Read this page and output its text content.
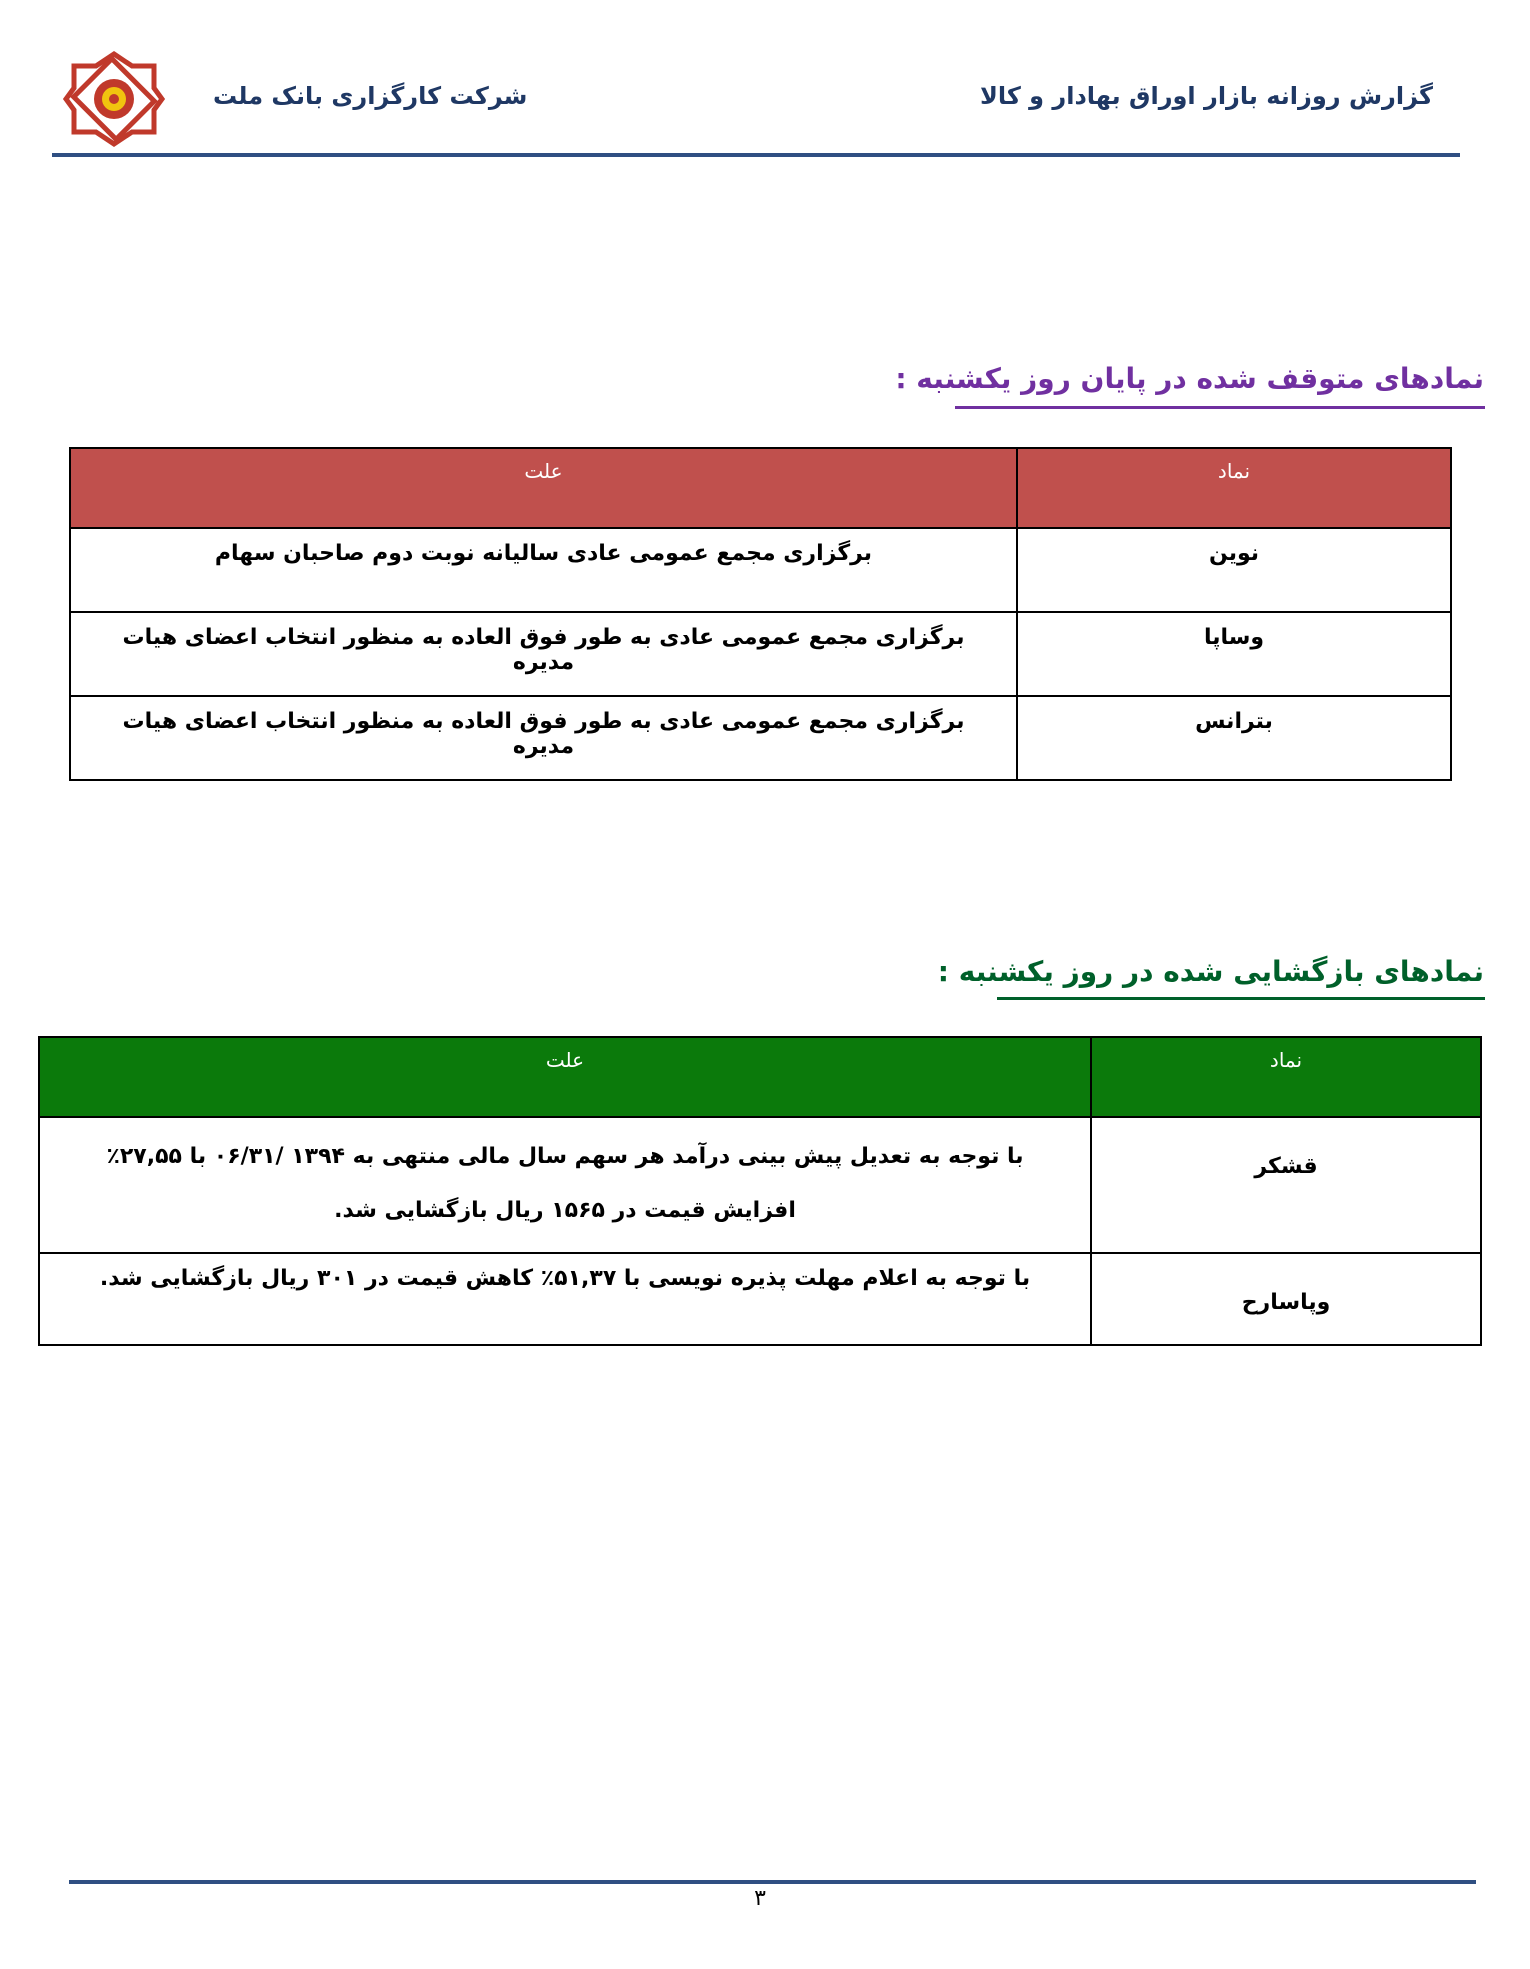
شرکت کارگزاری بانک ملت	گزارش روزانه بازار اوراق بهادار و کالا
نمادهای متوقف شده در پایان روز یکشنبه :
نماد	علت
نوین	برگزاری مجمع عمومی عادی سالیانه نوبت دوم صاحبان سهام
وساپا	برگزاری مجمع عمومی عادی به طور فوق العاده به منظور انتخاب اعضای هیات مدیره
بترانس	برگزاری مجمع عمومی عادی به طور فوق العاده به منظور انتخاب اعضای هیات مدیره
نمادهای بازگشایی شده در روز یکشنبه :
نماد	علت
قشکر	با توجه به تعدیل پیش بینی درآمد هر سهم سال مالی منتهی به ۱۳۹۴ /۰۶/۳۱ با ۲۷,۵۵٪ افزایش قیمت در ۱۵۶۵ ریال بازگشایی شد.
وپاسارح	با توجه به اعلام مهلت پذیره نویسی با ۵۱,۳۷٪ کاهش قیمت در ۳۰۱ ریال بازگشایی شد.
۳
